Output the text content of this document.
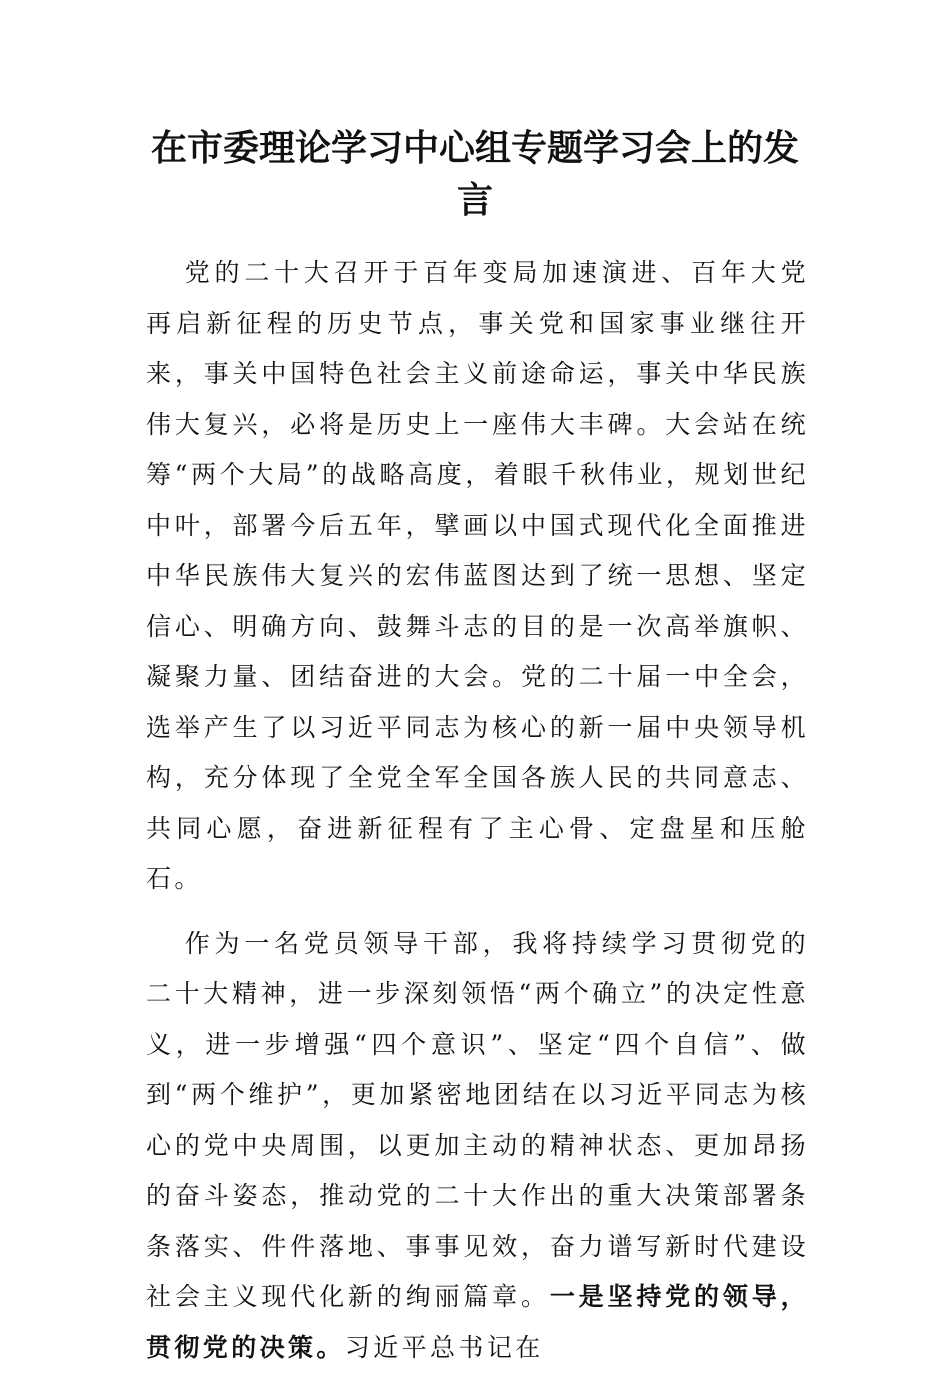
在市委理论学习中心组专题学习会上的发言

党的二十大召开于百年变局加速演进、百年大党再启新征程的历史节点，事关党和国家事业继往开来，事关中国特色社会主义前途命运，事关中华民族伟大复兴，必将是历史上一座伟大丰碑。大会站在统筹“两个大局”的战略高度，着眼千秋伟业，规划世纪中叶，部署今后五年，擘画以中国式现代化全面推进中华民族伟大复兴的宏伟蓝图达到了统一思想、坚定信心、明确方向、鼓舞斗志的目的是一次高举旗帜、凝聚力量、团结奋进的大会。党的二十届一中全会，选举产生了以习近平同志为核心的新一届中央领导机构，充分体现了全党全军全国各族人民的共同意志、共同心愿，奋进新征程有了主心骨、定盘星和压舱石。

作为一名党员领导干部，我将持续学习贯彻党的二十大精神，进一步深刻领悟“两个确立”的决定性意义，进一步增强“四个意识”、坚定“四个自信”、做到“两个维护”，更加紧密地团结在以习近平同志为核心的党中央周围，以更加主动的精神状态、更加昂扬的奋斗姿态，推动党的二十大作出的重大决策部署条条落实、件件落地、事事见效，奋力谱写新时代建设社会主义现代化新的绚丽篇章。一是坚持党的领导，贯彻党的决策。习近平总书记在
